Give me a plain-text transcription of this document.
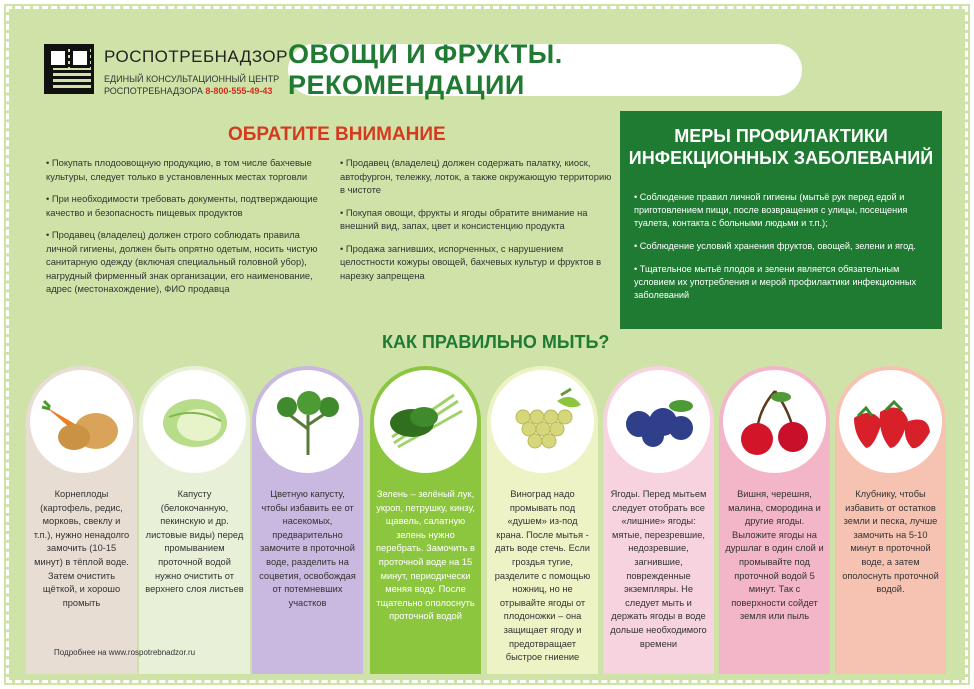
РОСПОТРЕБНАДЗОР
ЕДИНЫЙ КОНСУЛЬТАЦИОННЫЙ ЦЕНТР
РОСПОТРЕБНАДЗОРА 8-800-555-49-43
ОВОЩИ И ФРУКТЫ. РЕКОМЕНДАЦИИ
ОБРАТИТЕ ВНИМАНИЕ

• Покупать плодоовощную продукцию, в том числе бахчевые культуры, следует только в установленных местах торговли

• При необходимости требовать документы, подтверждающие качество и безопасность пищевых продуктов

• Продавец (владелец) должен строго соблюдать правила личной гигиены, должен быть опрятно одетым, носить чистую санитарную одежду (включая специальный головной убор), нагрудный фирменный знак организации, его наименование, адрес (местонахождение), ФИО продавца

• Продавец (владелец) должен содержать палатку, киоск, автофургон, тележку, лоток, а также окружающую территорию в чистоте

• Покупая овощи, фрукты и ягоды обратите внимание на внешний вид, запах, цвет и консистенцию продукта

• Продажа загнивших, испорченных, с нарушением целостности кожуры овощей, бахчевых культур и фруктов в нарезку запрещена

МЕРЫ ПРОФИЛАКТИКИ
ИНФЕКЦИОННЫХ ЗАБОЛЕВАНИЙ

• Соблюдение правил личной гигиены (мытьё рук перед едой и приготовлением пищи, после возвращения с улицы, посещения туалета, контакта с больными людьми и т.п.);

• Соблюдение условий хранения фруктов, овощей, зелени и ягод.

• Тщательное мытьё плодов и зелени является обязательным условием их употребления и мерой профилактики инфекционных заболеваний

КАК ПРАВИЛЬНО МЫТЬ?
Корнеплоды (картофель, редис, морковь, свеклу и т.п.), нужно ненадолго замочить (10-15 минут) в тёплой воде. Затем очистить щёткой, и хорошо промыть
Капусту (белокочанную, пекинскую и др. листовые виды) перед промыванием проточной водой нужно очистить от верхнего слоя листьев
Цветную капусту, чтобы избавить ее от насекомых, предварительно замочите в проточной воде, разделить на соцветия, освобождая от потемневших участков
Зелень – зелёный лук, укроп, петрушку, кинзу, щавель, салатную зелень нужно перебрать. Замочить в проточной воде на 15 минут, периодически меняя воду. После тщательно ополоснуть проточной водой
Виноград надо промывать под «душем» из-под крана. После мытья - дать воде стечь. Если гроздья тугие, разделите с помощью ножниц, но не отрывайте ягоды от плодоножки – она защищает ягоду и предотвращает быстрое гниение
Ягоды. Перед мытьем следует отобрать все «лишние» ягоды: мятые, перезревшие, недозревшие, загнившие, поврежденные экземпляры. Не следует мыть и держать ягоды в воде дольше необходимого времени
Вишня, черешня, малина, смородина и другие ягоды. Выложите ягоды на дуршлаг в один слой и промывайте под проточной водой 5 минут. Так с поверхности сойдет земля или пыль
Клубнику, чтобы избавить от остатков земли и песка, лучше замочить на 5-10 минут в проточной воде, а затем ополоснуть проточной водой.
Подробнее на www.rospotrebnadzor.ru
